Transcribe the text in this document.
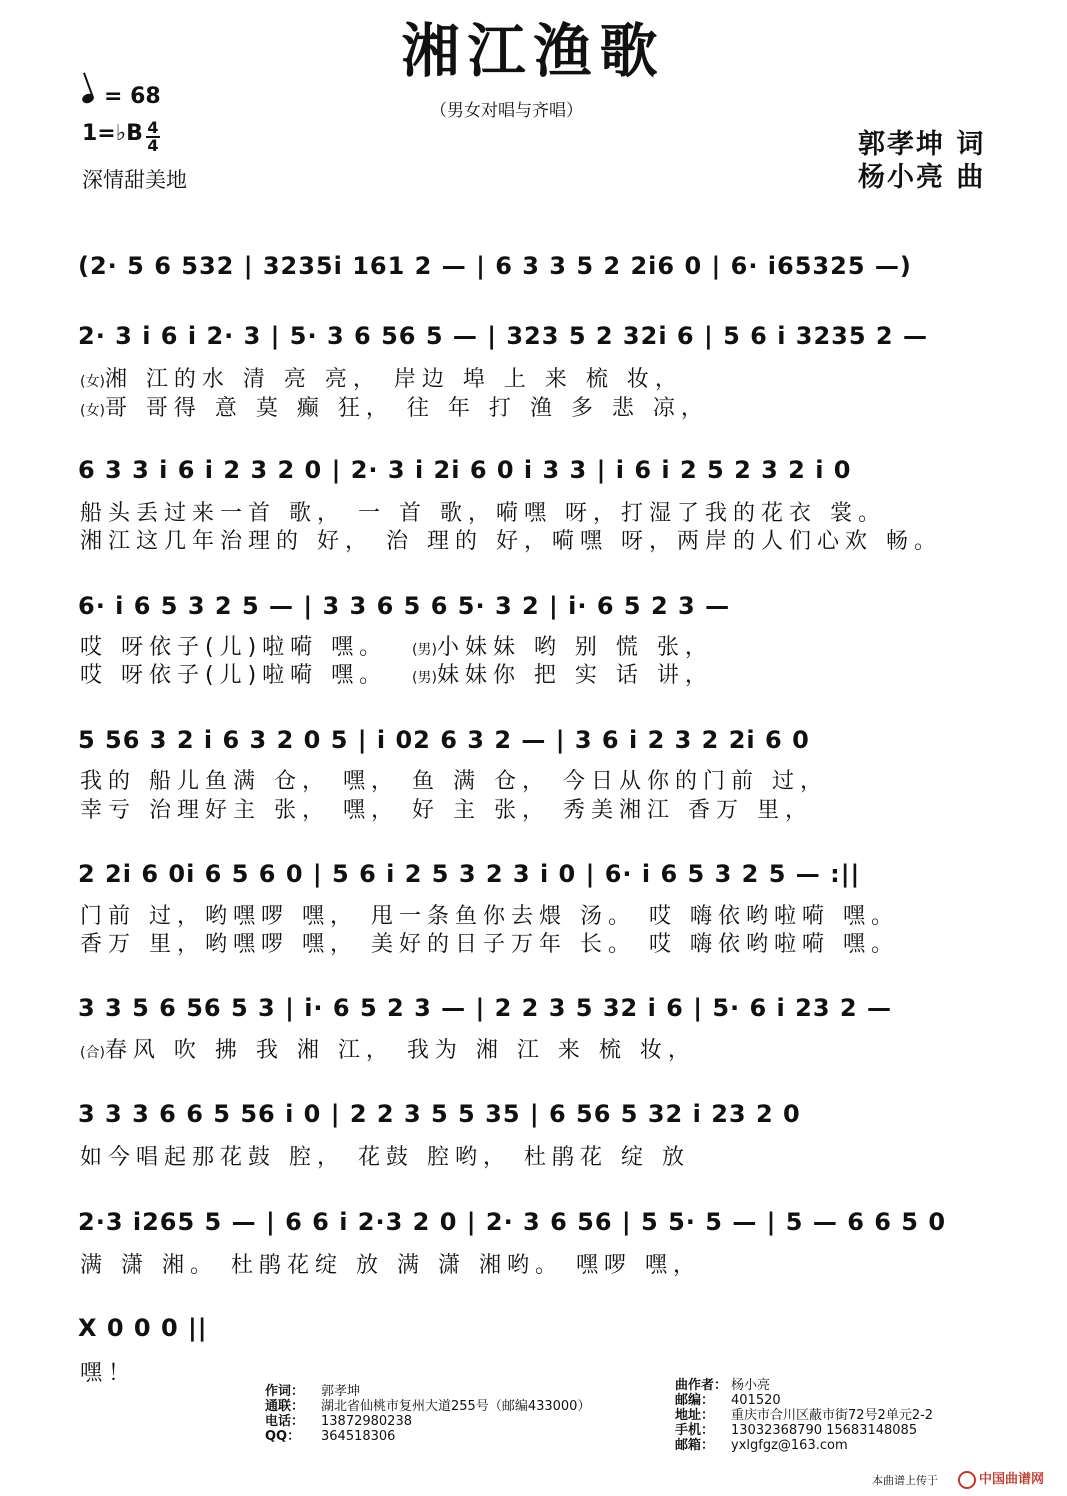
湘江渔歌
（男女对唱与齐唱）
= 68
1=♭B 4
4
深情甜美地
郭孝坤 词
杨小亮 曲
(2· 5 6 532 | 3235i 161 2 — | 6 3 3 5 2 2i6 0 | 6· i65325 —)
2· 3 i 6 i 2· 3 | 5· 3 6 56 5 — | 323 5 2 32i 6 | 5 6 i 3235 2 —
(女)湘 江的水 清 亮 亮， 岸边 埠 上 来 梳 妆，
(女)哥 哥得 意 莫 癫 狂， 往 年 打 渔 多 悲 凉，
6 3 3 i 6 i 2 3 2 0 | 2· 3 i 2i 6 0 i 3 3 | i 6 i 2 5 2 3 2 i 0
船头丢过来一首 歌， 一 首 歌，嗬嘿 呀，打湿了我的花衣 裳。
湘江这几年治理的 好， 治 理的 好，嗬嘿 呀，两岸的人们心欢 畅。
6· i 6 5 3 2 5 — | 3 3 6 5 6 5· 3 2 | i· 6 5 2 3 —
哎 呀依子(儿)啦嗬 嘿。
哎 呀依子(儿)啦嗬 嘿。
(男)小妹妹 哟 别 慌 张，
(男)妹妹你 把 实 话 讲，
5 56 3 2 i 6 3 2 0 5 | i 02 6 3 2 — | 3 6 i 2 3 2 2i 6 0
我的 船儿鱼满 仓， 嘿， 鱼 满 仓， 今日从你的门前 过，
幸亏 治理好主 张， 嘿， 好 主 张， 秀美湘江 香万 里，
2 2i 6 0i 6 5 6 0 | 5 6 i 2 5 3 2 3 i 0 | 6· i 6 5 3 2 5 — :||
门前 过，哟嘿啰 嘿， 甩一条鱼你去煨 汤。 哎 嗨依哟啦嗬 嘿。
香万 里，哟嘿啰 嘿， 美好的日子万年 长。 哎 嗨依哟啦嗬 嘿。
3 3 5 6 56 5 3 | i· 6 5 2 3 — | 2 2 3 5 32 i 6 | 5· 6 i 23 2 —
(合)春风 吹 拂 我 湘 江， 我为 湘 江 来 梳 妆，
3 3 3 6 6 5 56 i 0 | 2 2 3 5 5 35 | 6 56 5 32 i 23 2 0
如今唱起那花鼓 腔， 花鼓 腔哟， 杜鹃花 绽 放
2·3 i265 5 — | 6 6 i 2·3 2 0 | 2· 3 6 56 | 5 5· 5 — | 5 — 6 6 5 0
满 潇 湘。 杜鹃花绽 放 满 潇 湘哟。 嘿啰 嘿，
X 0 0 0 ||
嘿！
作词： 郭孝坤
通联： 湖北省仙桃市复州大道255号（邮编433000）
电话： 13872980238
QQ： 364518306
曲作者： 杨小亮
邮编： 401520
地址： 重庆市合川区蔽市街72号2单元2-2
手机： 13032368790 15683148085
邮箱： yxlgfgz@163.com
本曲谱上传于	中国曲谱网
